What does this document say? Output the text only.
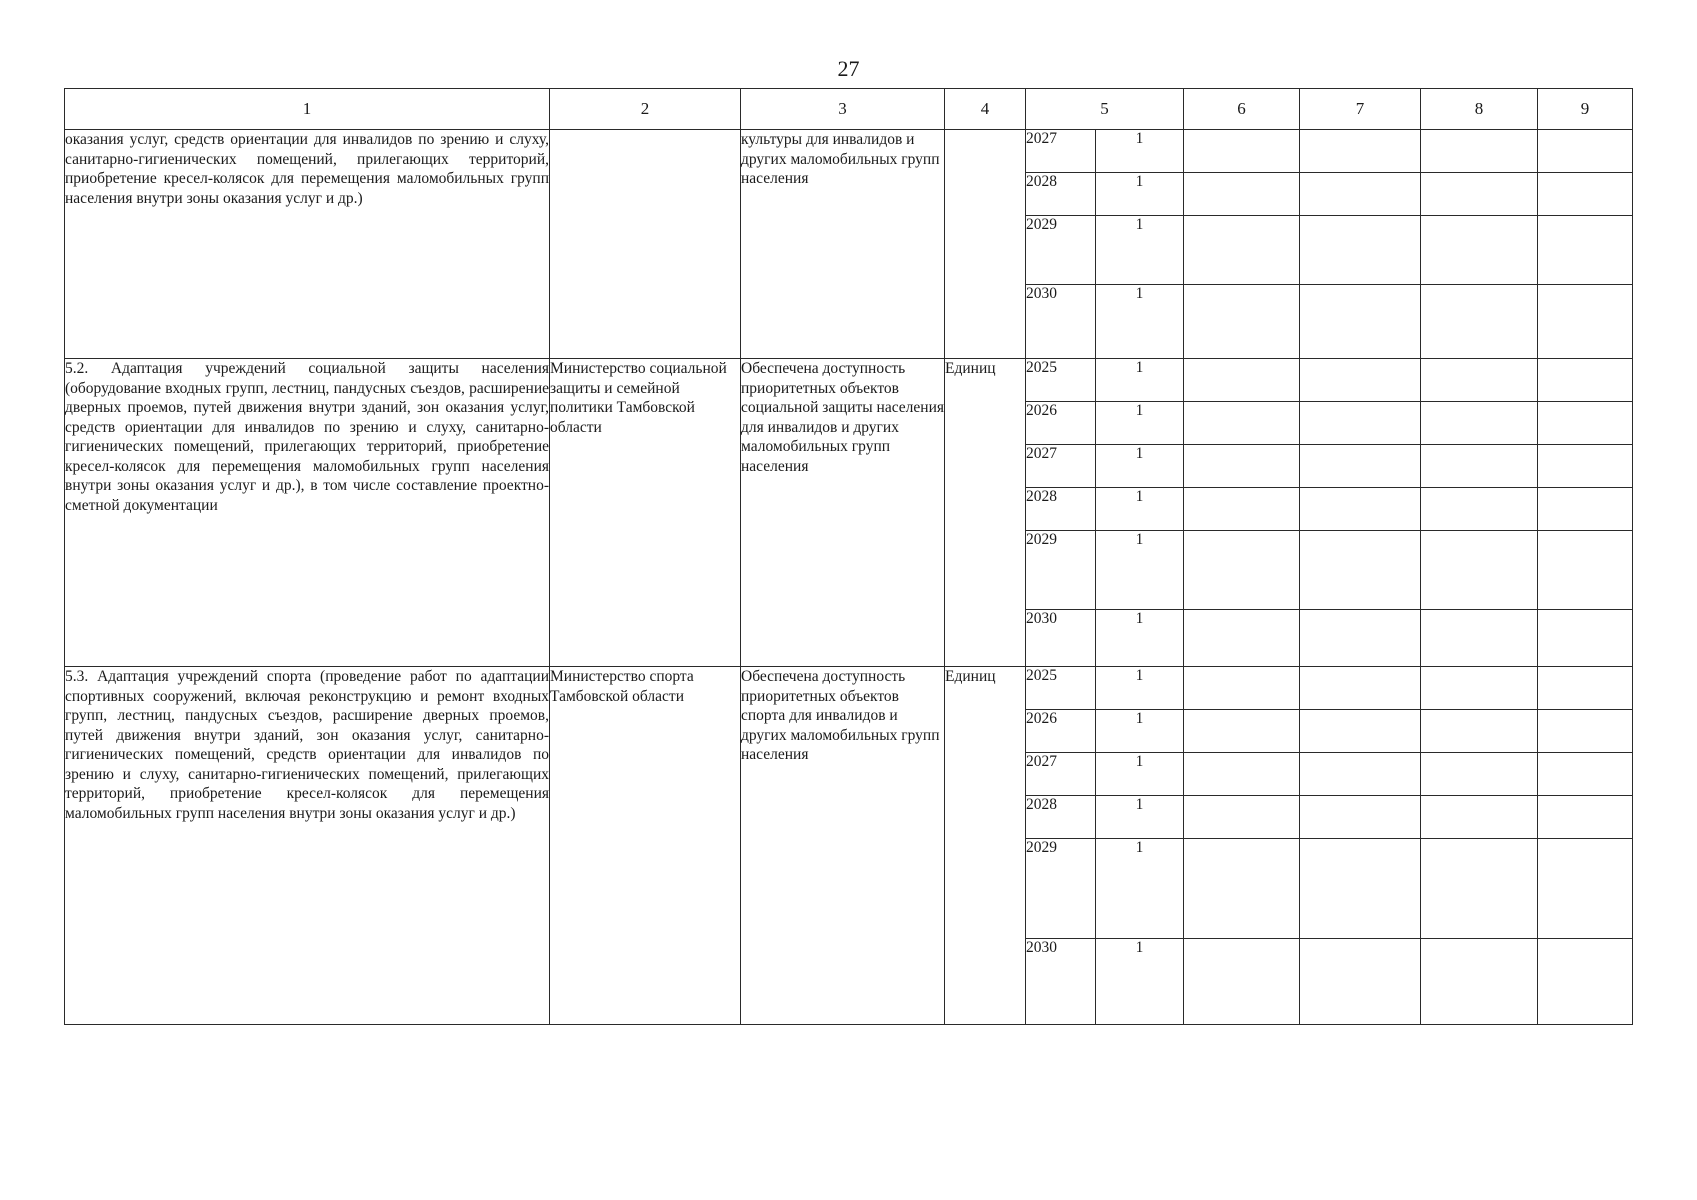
27
1	2	3	4	5		6	7	8	9
оказания услуг, средств ориентации для инвалидов по зрению и слуху, санитарно-гигиенических помещений, прилегающих территорий, приобретение кресел-колясок для перемещения маломобильных групп населения внутри зоны оказания услуг и др.)		культуры для инвалидов и других маломобильных групп населения		2027	1				
				2028	1				
				2029	1				
				2030	1				
5.2. Адаптация учреждений социальной защиты населения (оборудование входных групп, лестниц, пандусных съездов, расширение дверных проемов, путей движения внутри зданий, зон оказания услуг, средств ориентации для инвалидов по зрению и слуху, санитарно-гигиенических помещений, прилегающих территорий, приобретение кресел-колясок для перемещения маломобильных групп населения внутри зоны оказания услуг и др.), в том числе составление проектно-сметной документации	Министерство социальной защиты и семейной политики Тамбовской области	Обеспечена доступность приоритетных объектов социальной защиты населения для инвалидов и других маломобильных групп населения	Единиц	2025	1				
				2026	1				
				2027	1				
				2028	1				
				2029	1				
				2030	1				
5.3. Адаптация учреждений спорта (проведение работ по адаптации спортивных сооружений, включая реконструкцию и ремонт входных групп, лестниц, пандусных съездов, расширение дверных проемов, путей движения внутри зданий, зон оказания услуг, санитарно-гигиенических помещений, средств ориентации для инвалидов по зрению и слуху, санитарно-гигиенических помещений, прилегающих территорий, приобретение кресел-колясок для перемещения маломобильных групп населения внутри зоны оказания услуг и др.)	Министерство спорта Тамбовской области	Обеспечена доступность приоритетных объектов спорта для инвалидов и других маломобильных групп населения	Единиц	2025	1				
				2026	1				
				2027	1				
				2028	1				
				2029	1				
				2030	1				
